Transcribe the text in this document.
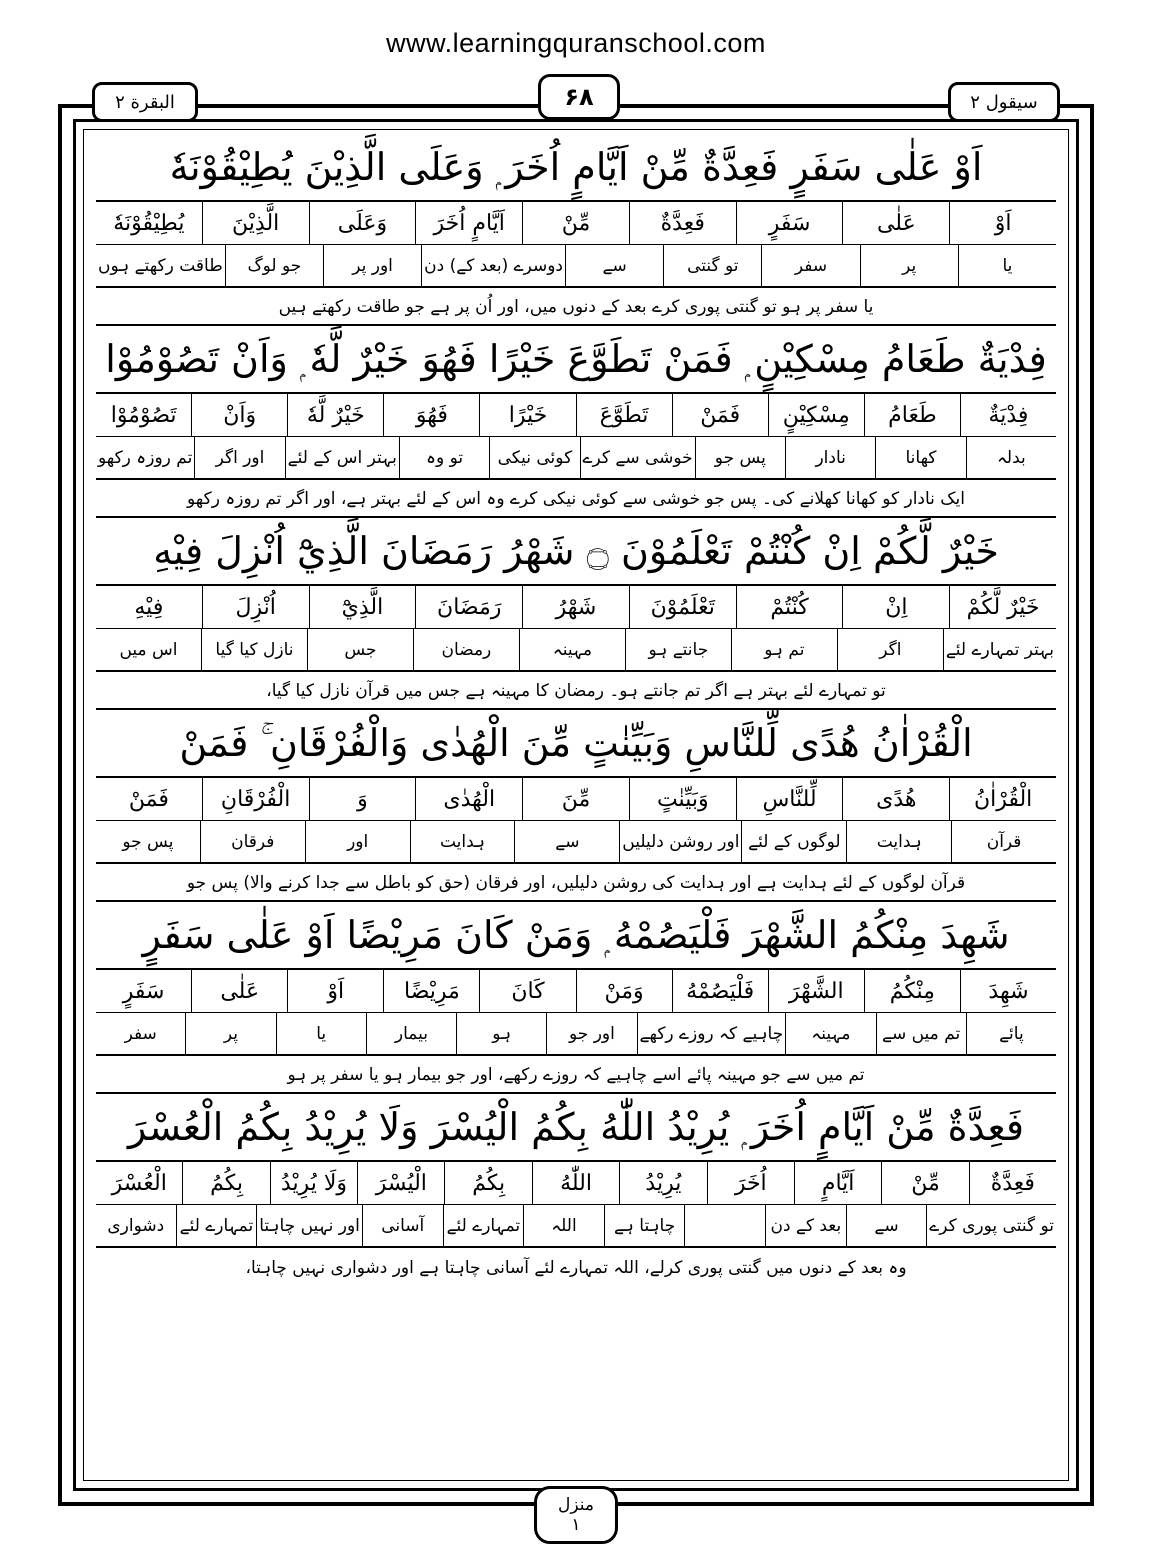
www.learningquranschool.com
البقرة ۲	۶۸	سیقول ۲
اَوْ عَلٰى سَفَرٍ فَعِدَّةٌ مِّنْ اَيَّامٍ اُخَرَ ۭ وَعَلَى الَّذِيْنَ يُطِيْقُوْنَهٗ
اَوْ
عَلٰى
سَفَرٍ
فَعِدَّةٌ
مِّنْ
اَيَّامٍ اُخَرَ
وَعَلَى
الَّذِيْنَ
يُطِيْقُوْنَهٗ
یا
پر
سفر
تو گنتی
سے
دوسرے (بعد کے) دن
اور پر
جو لوگ
طاقت رکھتے ہوں
یا سفر پر ہو تو گنتی پوری کرے بعد کے دنوں میں، اور اُن پر ہے جو طاقت رکھتے ہیں
فِدْيَةٌ طَعَامُ مِسْكِيْنٍ ۭ فَمَنْ تَطَوَّعَ خَيْرًا فَهُوَ خَيْرٌ لَّهٗ ۭ وَاَنْ تَصُوْمُوْا
فِدْيَةٌ
طَعَامُ
مِسْكِيْنٍ
فَمَنْ
تَطَوَّعَ
خَيْرًا
فَهُوَ
خَيْرٌ لَّهٗ
وَاَنْ
تَصُوْمُوْا
بدلہ
کھانا
نادار
پس جو
خوشی سے کرے
کوئی نیکی
تو وہ
بہتر اس کے لئے
اور اگر
تم روزہ رکھو
ایک نادار کو کھانا کھلانے کی۔ پس جو خوشی سے کوئی نیکی کرے وہ اس کے لئے بہتر ہے، اور اگر تم روزہ رکھو
خَيْرٌ لَّكُمْ اِنْ كُنْتُمْ تَعْلَمُوْنَ ۝ شَهْرُ رَمَضَانَ الَّذِيْٓ اُنْزِلَ فِيْهِ
خَيْرٌ لَّكُمْ
اِنْ
كُنْتُمْ
تَعْلَمُوْنَ
شَهْرُ
رَمَضَانَ
الَّذِيْٓ
اُنْزِلَ
فِيْهِ
بہتر تمہارے لئے
اگر
تم ہو
جانتے ہو
مہینہ
رمضان
جس
نازل کیا گیا
اس میں
تو تمہارے لئے بہتر ہے اگر تم جانتے ہو۔ رمضان کا مہینہ ہے جس میں قرآن نازل کیا گیا،
الْقُرْاٰنُ هُدًى لِّلنَّاسِ وَبَيِّنٰتٍ مِّنَ الْهُدٰى وَالْفُرْقَانِ ۚ فَمَنْ
الْقُرْاٰنُ
هُدًى
لِّلنَّاسِ
وَبَيِّنٰتٍ
مِّنَ
الْهُدٰى
وَ
الْفُرْقَانِ
فَمَنْ
قرآن
ہدایت
لوگوں کے لئے
اور روشن دلیلیں
سے
ہدایت
اور
فرقان
پس جو
قرآن لوگوں کے لئے ہدایت ہے اور ہدایت کی روشن دلیلیں، اور فرقان (حق کو باطل سے جدا کرنے والا) پس جو
شَهِدَ مِنْكُمُ الشَّهْرَ فَلْيَصُمْهُ ۭ وَمَنْ كَانَ مَرِيْضًا اَوْ عَلٰى سَفَرٍ
شَهِدَ
مِنْكُمُ
الشَّهْرَ
فَلْيَصُمْهُ
وَمَنْ
كَانَ
مَرِيْضًا
اَوْ
عَلٰى
سَفَرٍ
پائے
تم میں سے
مہینہ
چاہیے کہ روزے رکھے
اور جو
ہو
بیمار
یا
پر
سفر
تم میں سے جو مہینہ پائے اسے چاہیے کہ روزے رکھے، اور جو بیمار ہو یا سفر پر ہو
فَعِدَّةٌ مِّنْ اَيَّامٍ اُخَرَ ۭ يُرِيْدُ اللّٰهُ بِكُمُ الْيُسْرَ وَلَا يُرِيْدُ بِكُمُ الْعُسْرَ
فَعِدَّةٌ
مِّنْ
اَيَّامٍ
اُخَرَ
يُرِيْدُ
اللّٰهُ
بِكُمُ
الْيُسْرَ
وَلَا يُرِيْدُ
بِكُمُ
الْعُسْرَ
تو گنتی پوری کرے
سے
بعد کے دن
چاہتا ہے
اللہ
تمہارے لئے
آسانی
اور نہیں چاہتا
تمہارے لئے
دشواری
وہ بعد کے دنوں میں گنتی پوری کرلے، اللہ تمہارے لئے آسانی چاہتا ہے اور دشواری نہیں چاہتا،
منزل
۱
